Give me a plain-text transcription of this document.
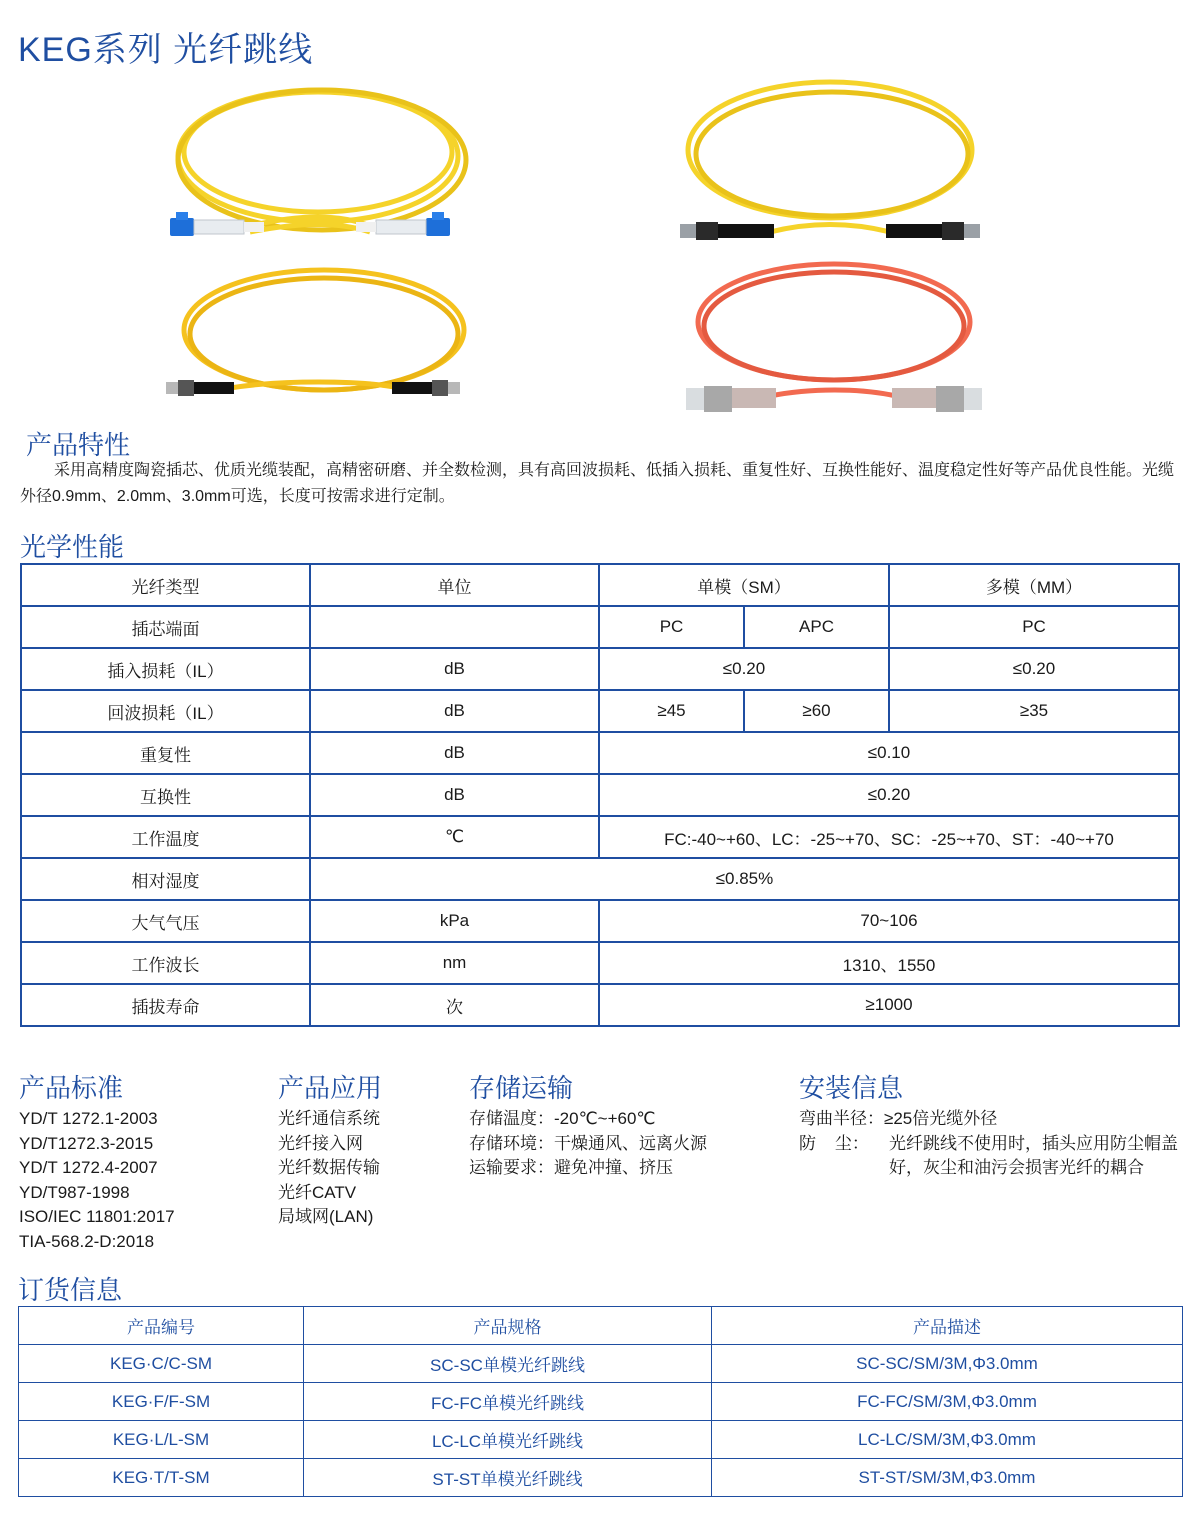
KEG系列 光纤跳线
产品特性
采用高精度陶瓷插芯、优质光缆装配，高精密研磨、并全数检测，具有高回波损耗、低插入损耗、重复性好、互换性能好、温度稳定性好等产品优良性能。光缆外径0.9mm、2.0mm、3.0mm可选，长度可按需求进行定制。
光学性能
光纤类型	单位	单模（SM）		多模（MM）
插芯端面		PC	APC	PC
插入损耗（IL）	dB	≤0.20		≤0.20
回波损耗（IL）	dB	≥45	≥60	≥35
重复性	dB	≤0.10		
互换性	dB	≤0.20		
工作温度	℃	FC:-40~+60、LC：-25~+70、SC：-25~+70、ST：-40~+70		
相对湿度	≤0.85%			
大气气压	kPa	70~106		
工作波长	nm	1310、1550		
插拔寿命	次	≥1000		
产品标准
YD/T 1272.1-2003
YD/T1272.3-2015
YD/T 1272.4-2007
YD/T987-1998
ISO/IEC 11801:2017
TIA-568.2-D:2018
产品应用
光纤通信系统
光纤接入网
光纤数据传输
光纤CATV
局域网(LAN)
存储运输
存储温度：-20℃~+60℃
存储环境：干燥通风、远离火源
运输要求：避免冲撞、挤压
安装信息
弯曲半径：≥25倍光缆外径
防    尘：	光纤跳线不使用时，插头应用防尘帽盖好，灰尘和油污会损害光纤的耦合
订货信息
产品编号	产品规格	产品描述
KEG·C/C-SM	SC-SC单模光纤跳线	SC-SC/SM/3M,Φ3.0mm
KEG·F/F-SM	FC-FC单模光纤跳线	FC-FC/SM/3M,Φ3.0mm
KEG·L/L-SM	LC-LC单模光纤跳线	LC-LC/SM/3M,Φ3.0mm
KEG·T/T-SM	ST-ST单模光纤跳线	ST-ST/SM/3M,Φ3.0mm
